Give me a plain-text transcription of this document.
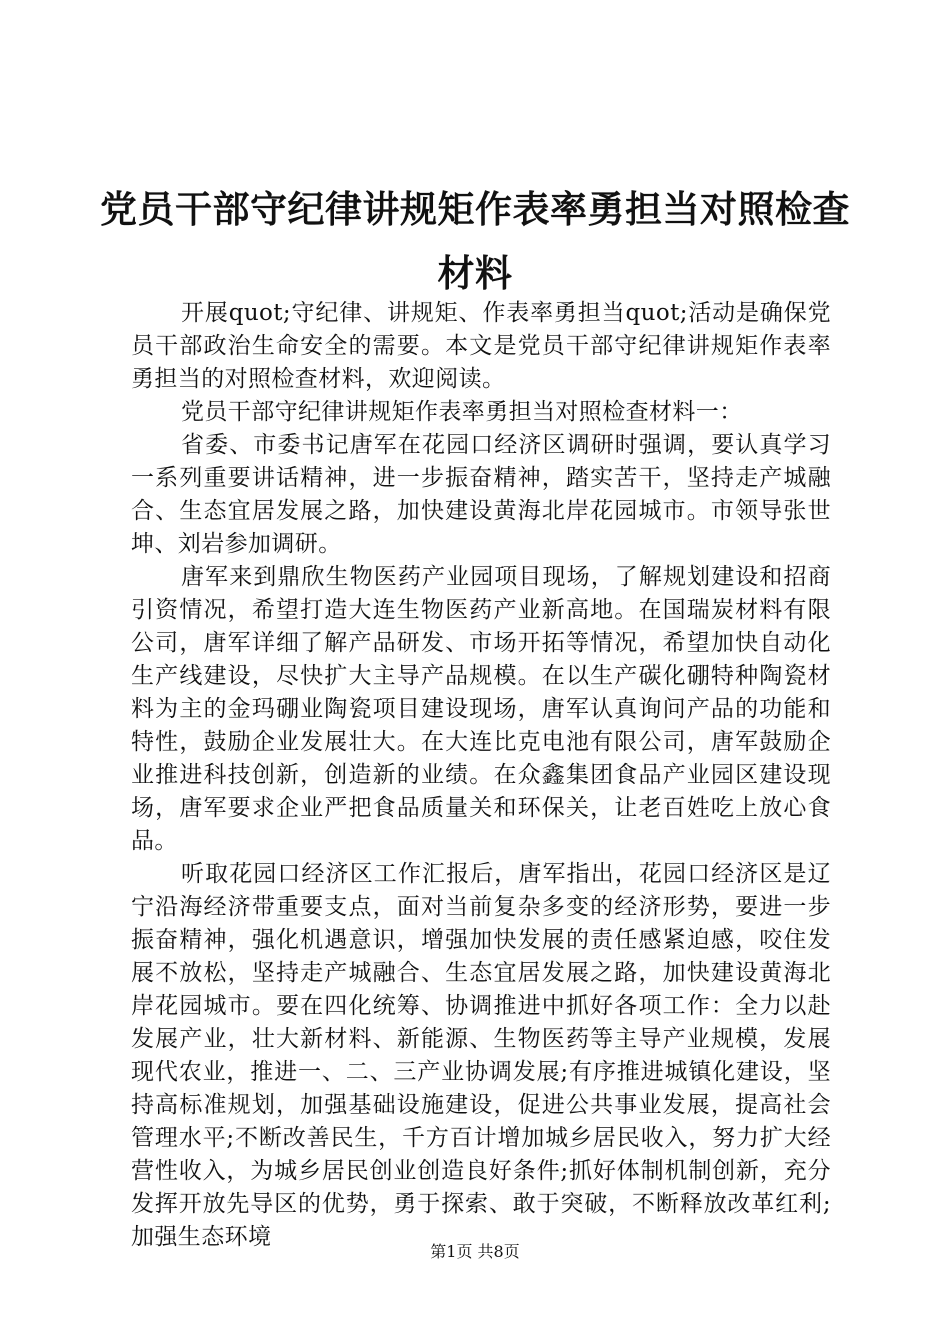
党员干部守纪律讲规矩作表率勇担当对照检查材料

开展quot;守纪律、讲规矩、作表率勇担当quot;活动是确保党员干部政治生命安全的需要。本文是党员干部守纪律讲规矩作表率勇担当的对照检查材料，欢迎阅读。

党员干部守纪律讲规矩作表率勇担当对照检查材料一：

省委、市委书记唐军在花园口经济区调研时强调，要认真学习一系列重要讲话精神，进一步振奋精神，踏实苦干，坚持走产城融合、生态宜居发展之路，加快建设黄海北岸花园城市。市领导张世坤、刘岩参加调研。

唐军来到鼎欣生物医药产业园项目现场，了解规划建设和招商引资情况，希望打造大连生物医药产业新高地。在国瑞炭材料有限公司，唐军详细了解产品研发、市场开拓等情况，希望加快自动化生产线建设，尽快扩大主导产品规模。在以生产碳化硼特种陶瓷材料为主的金玛硼业陶瓷项目建设现场，唐军认真询问产品的功能和特性，鼓励企业发展壮大。在大连比克电池有限公司，唐军鼓励企业推进科技创新，创造新的业绩。在众鑫集团食品产业园区建设现场，唐军要求企业严把食品质量关和环保关，让老百姓吃上放心食品。

听取花园口经济区工作汇报后，唐军指出，花园口经济区是辽宁沿海经济带重要支点，面对当前复杂多变的经济形势，要进一步振奋精神，强化机遇意识，增强加快发展的责任感紧迫感，咬住发展不放松，坚持走产城融合、生态宜居发展之路，加快建设黄海北岸花园城市。要在四化统筹、协调推进中抓好各项工作：全力以赴发展产业，壮大新材料、新能源、生物医药等主导产业规模，发展现代农业，推进一、二、三产业协调发展;有序推进城镇化建设，坚持高标准规划，加强基础设施建设，促进公共事业发展，提高社会管理水平;不断改善民生，千方百计增加城乡居民收入，努力扩大经营性收入，为城乡居民创业创造良好条件;抓好体制机制创新，充分发挥开放先导区的优势，勇于探索、敢于突破，不断释放改革红利;加强生态环境

第1页 共8页
